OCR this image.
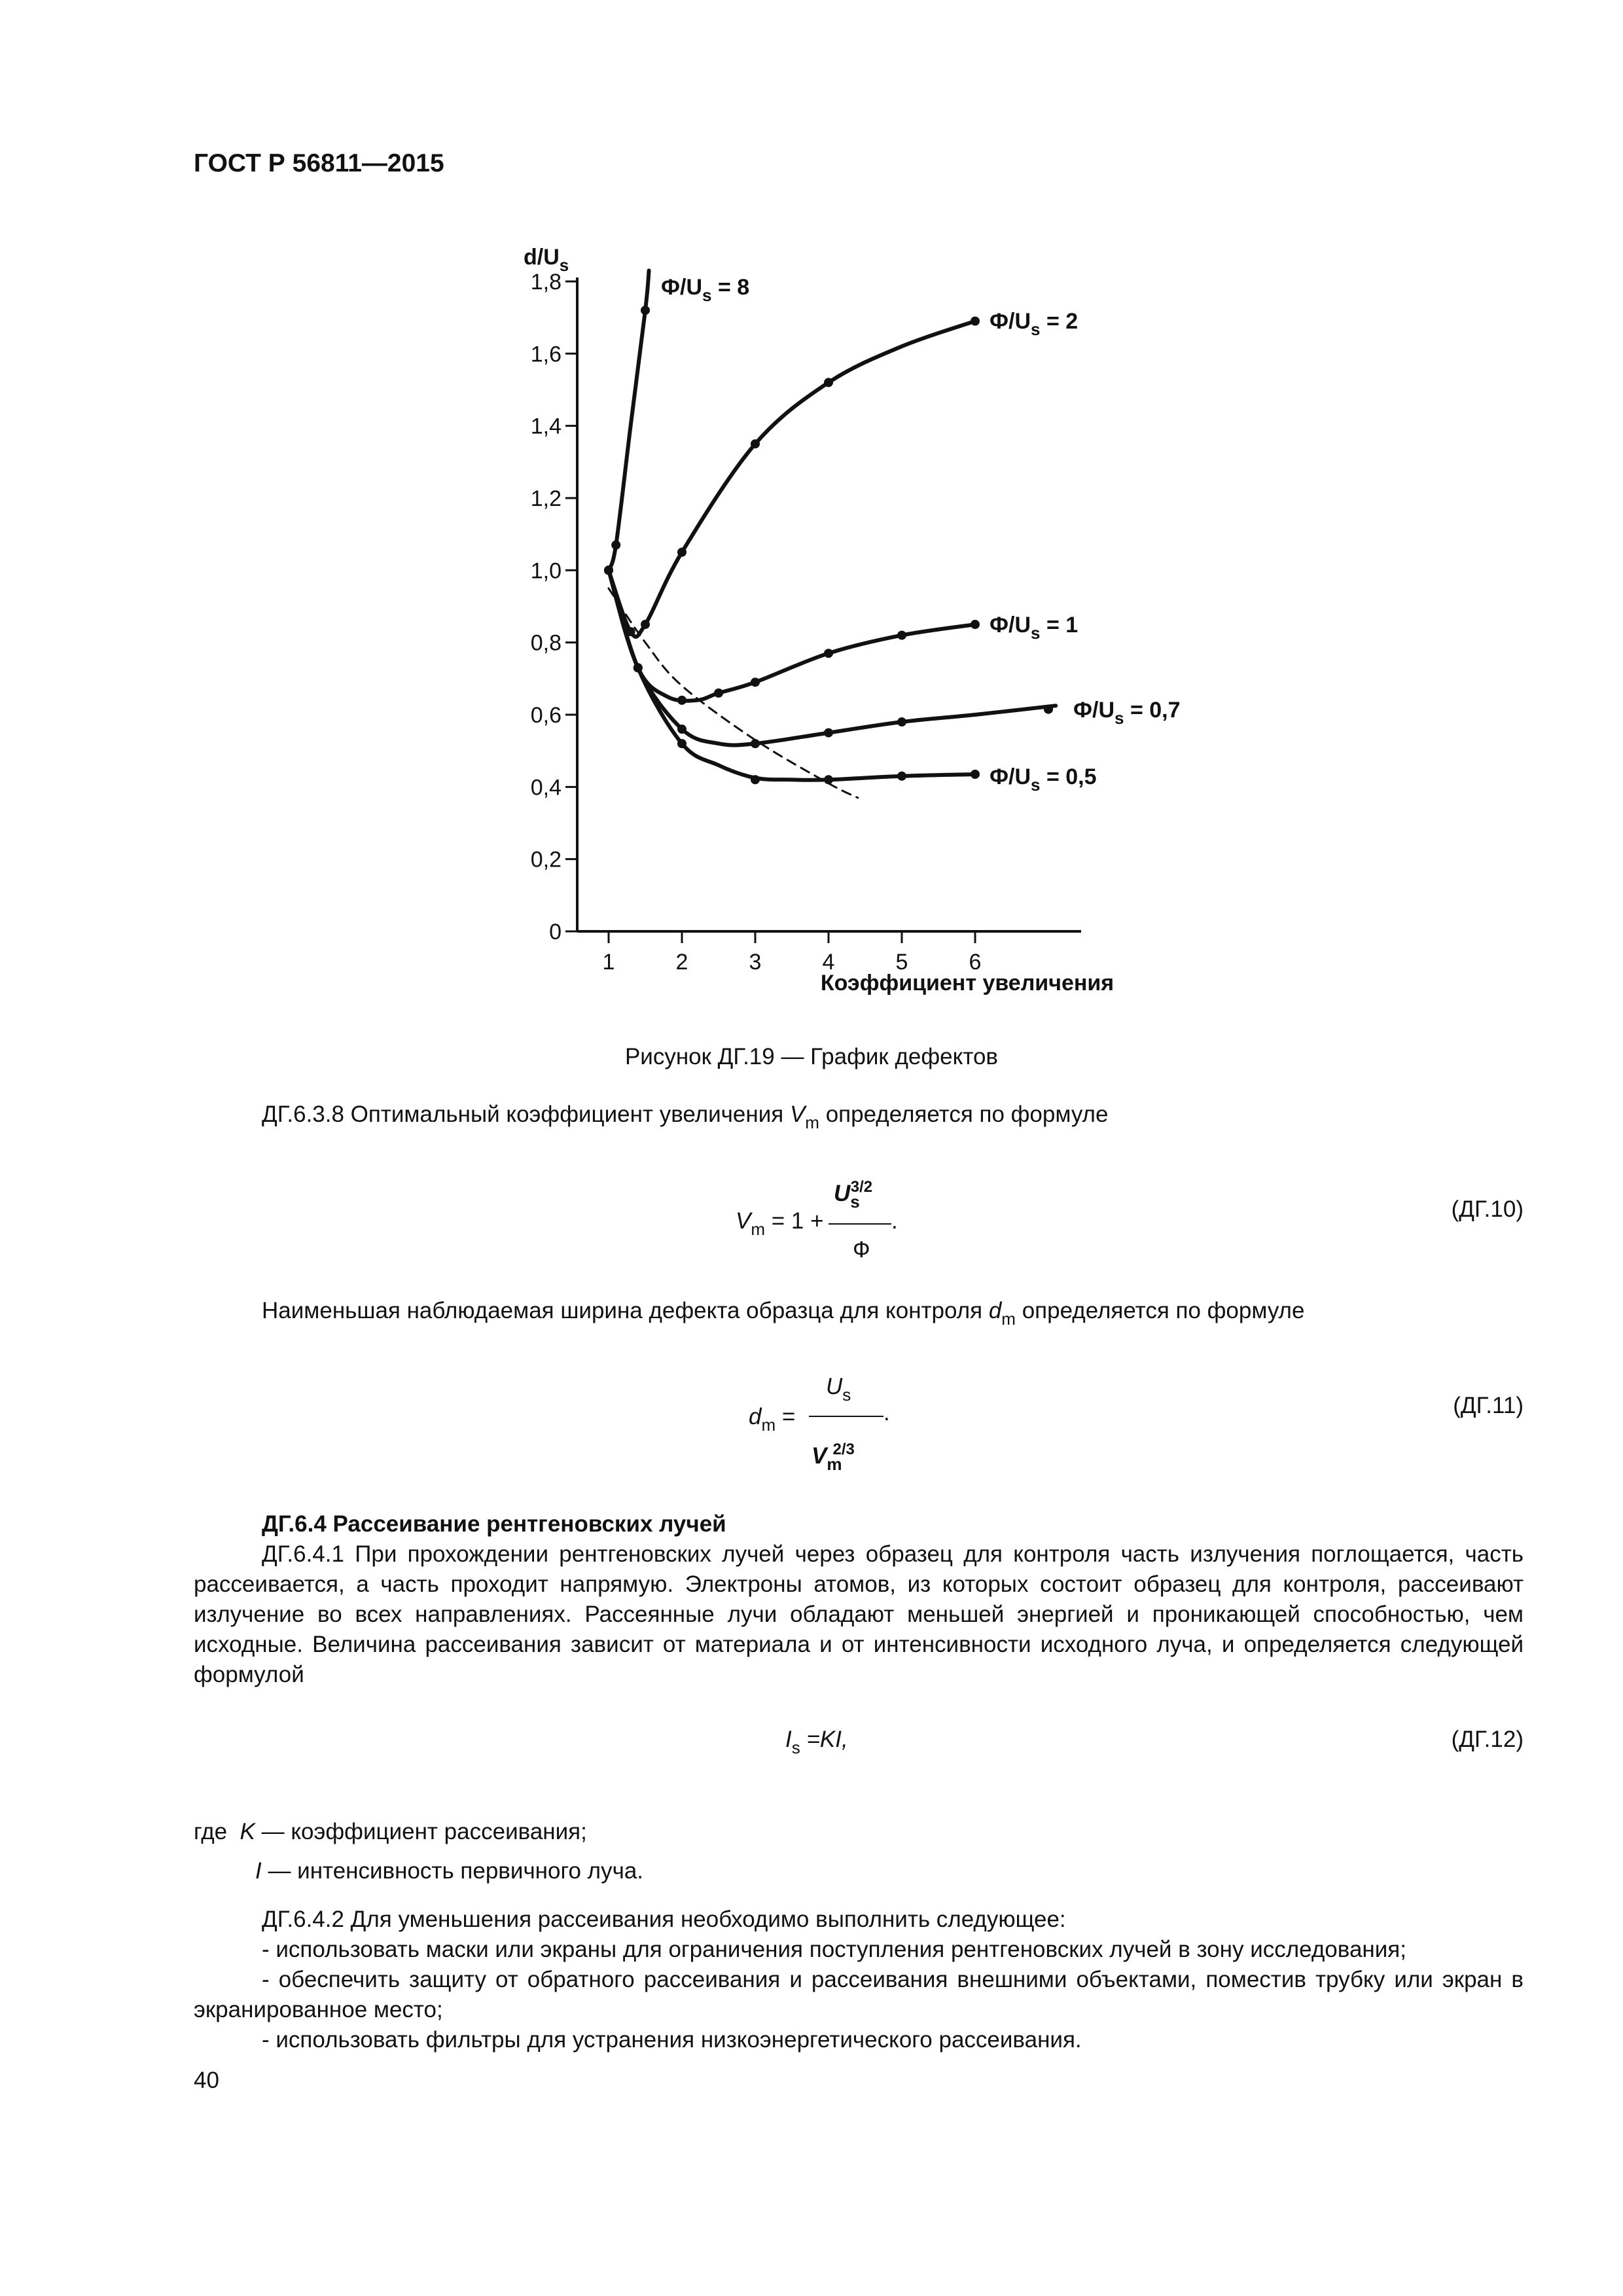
ГОСТ Р 56811—2015
0
0,2
0,4
0,6
0,8
1,0
1,2
1,4
1,6
1,8
1	2	3	4	5	6
Коэффициент увеличения
$d/U_s$
$Ф/U_s = 8$
$Ф/U_s = 2$
$Ф/U_s = 1$
$Ф/U_s = 0,7$
$Ф/U_s = 0,5$
Рисунок ДГ.19 — График дефектов
ДГ.6.3.8 Оптимальный коэффициент увеличения $V_m$ определяется по формуле
$V_m = 1$ +
$U_s^{3/2}$
.
Ф
(ДГ.10)
Наименьшая наблюдаемая ширина дефекта образца для контроля $d_m$ определяется по формуле
$d_m$ =
$U_s$
.
$V_m^{2/3}$
(ДГ.11)
ДГ.6.4 Рассеивание рентгеновских лучей
ДГ.6.4.1 При прохождении рентгеновских лучей через образец для контроля часть излучения поглощается, часть рассеивается, а часть проходит напрямую. Электроны атомов, из которых состоит образец для контроля, рассеивают излучение во всех направлениях. Рассеянные лучи обладают меньшей энергией и проникающей способностью, чем исходные. Величина рассеивания зависит от материала и от интенсивности исходного луча, и определяется следующей формулой
$I_s =KI$,	(ДГ.12)
где K — коэффициент рассеивания;
I — интенсивность первичного луча.
ДГ.6.4.2 Для уменьшения рассеивания необходимо выполнить следующее:
- использовать маски или экраны для ограничения поступления рентгеновских лучей в зону исследования;
- обеспечить защиту от обратного рассеивания и рассеивания внешними объектами, поместив трубку или экран в экранированное место;
- использовать фильтры для устранения низкоэнергетического рассеивания.
40
